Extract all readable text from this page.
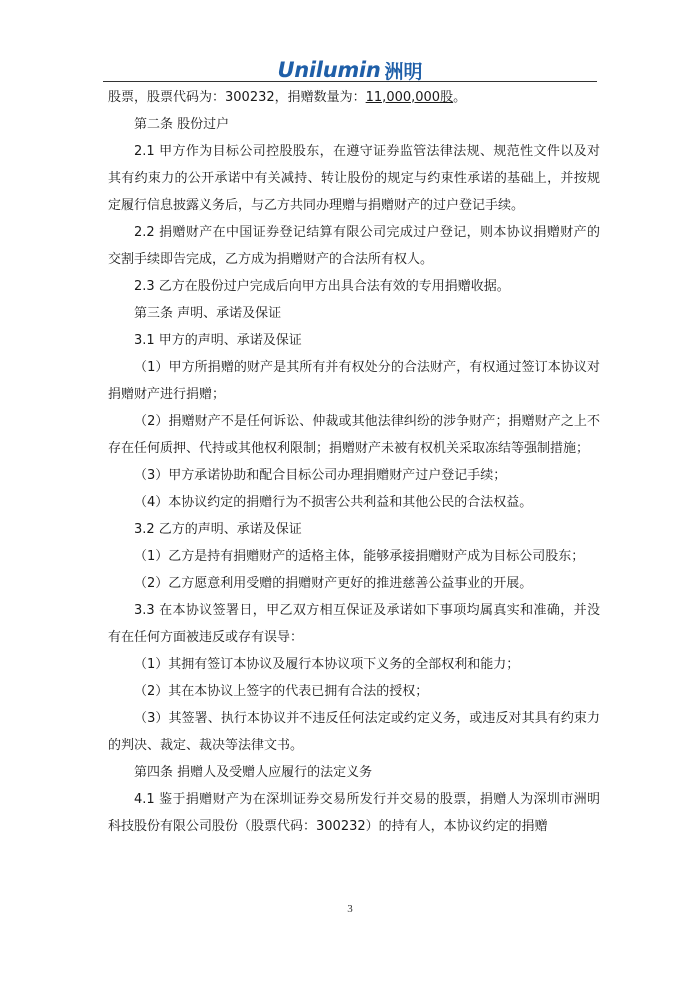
Unilumin 洲明

股票，股票代码为：300232，捐赠数量为：11,000,000股。

第二条 股份过户

2.1 甲方作为目标公司控股股东，在遵守证券监管法律法规、规范性文件以及对其有约束力的公开承诺中有关减持、转让股份的规定与约束性承诺的基础上，并按规定履行信息披露义务后，与乙方共同办理赠与捐赠财产的过户登记手续。

2.2 捐赠财产在中国证券登记结算有限公司完成过户登记，则本协议捐赠财产的交割手续即告完成，乙方成为捐赠财产的合法所有权人。

2.3 乙方在股份过户完成后向甲方出具合法有效的专用捐赠收据。

第三条 声明、承诺及保证

3.1 甲方的声明、承诺及保证

（1）甲方所捐赠的财产是其所有并有权处分的合法财产，有权通过签订本协议对捐赠财产进行捐赠；

（2）捐赠财产不是任何诉讼、仲裁或其他法律纠纷的涉争财产；捐赠财产之上不存在任何质押、代持或其他权利限制；捐赠财产未被有权机关采取冻结等强制措施；

（3）甲方承诺协助和配合目标公司办理捐赠财产过户登记手续；

（4）本协议约定的捐赠行为不损害公共利益和其他公民的合法权益。

3.2 乙方的声明、承诺及保证

（1）乙方是持有捐赠财产的适格主体，能够承接捐赠财产成为目标公司股东；

（2）乙方愿意利用受赠的捐赠财产更好的推进慈善公益事业的开展。

3.3 在本协议签署日，甲乙双方相互保证及承诺如下事项均属真实和准确，并没有在任何方面被违反或存有误导：

（1）其拥有签订本协议及履行本协议项下义务的全部权利和能力；

（2）其在本协议上签字的代表已拥有合法的授权；

（3）其签署、执行本协议并不违反任何法定或约定义务，或违反对其具有约束力的判决、裁定、裁决等法律文书。

第四条 捐赠人及受赠人应履行的法定义务

4.1 鉴于捐赠财产为在深圳证券交易所发行并交易的股票，捐赠人为深圳市洲明科技股份有限公司股份（股票代码：300232）的持有人，本协议约定的捐赠

3
